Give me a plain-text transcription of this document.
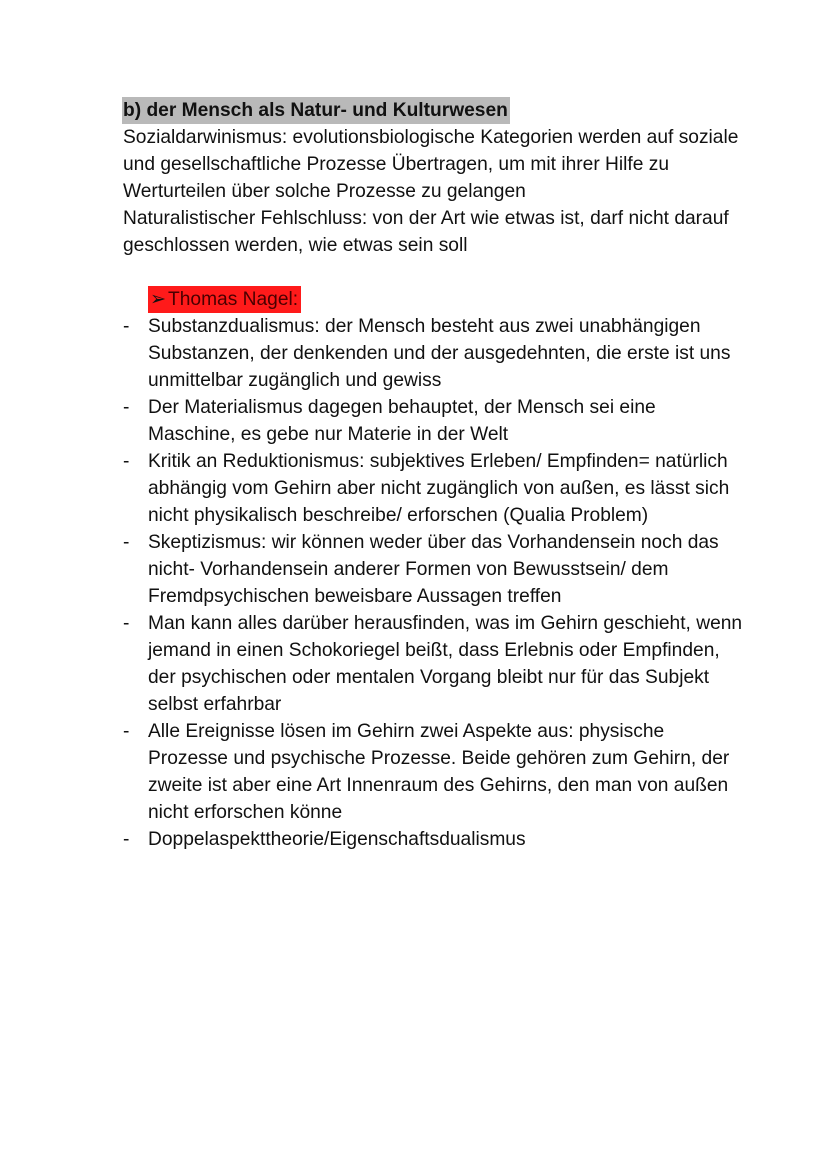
b) der Mensch als Natur- und Kulturwesen

Sozialdarwinismus: evolutionsbiologische Kategorien werden auf soziale und gesellschaftliche Prozesse Übertragen, um mit ihrer Hilfe zu Werturteilen über solche Prozesse zu gelangen

Naturalistischer Fehlschluss: von der Art wie etwas ist, darf nicht darauf geschlossen werden, wie etwas sein soll

➢ Thomas Nagel:
- Substanzdualismus: der Mensch besteht aus zwei unabhängigen Substanzen, der denkenden und der ausgedehnten, die erste ist uns unmittelbar zugänglich und gewiss
- Der Materialismus dagegen behauptet, der Mensch sei eine Maschine, es gebe nur Materie in der Welt
- Kritik an Reduktionismus: subjektives Erleben/ Empfinden= natürlich abhängig vom Gehirn aber nicht zugänglich von außen, es lässt sich nicht physikalisch beschreibe/ erforschen (Qualia Problem)
- Skeptizismus: wir können weder über das Vorhandensein noch das nicht- Vorhandensein anderer Formen von Bewusstsein/ dem Fremdpsychischen beweisbare Aussagen treffen
- Man kann alles darüber herausfinden, was im Gehirn geschieht, wenn jemand in einen Schokoriegel beißt, dass Erlebnis oder Empfinden, der psychischen oder mentalen Vorgang bleibt nur für das Subjekt selbst erfahrbar
- Alle Ereignisse lösen im Gehirn zwei Aspekte aus: physische Prozesse und psychische Prozesse. Beide gehören zum Gehirn, der zweite ist aber eine Art Innenraum des Gehirns, den man von außen nicht erforschen könne
- Doppelaspekttheorie/Eigenschaftsdualismus
